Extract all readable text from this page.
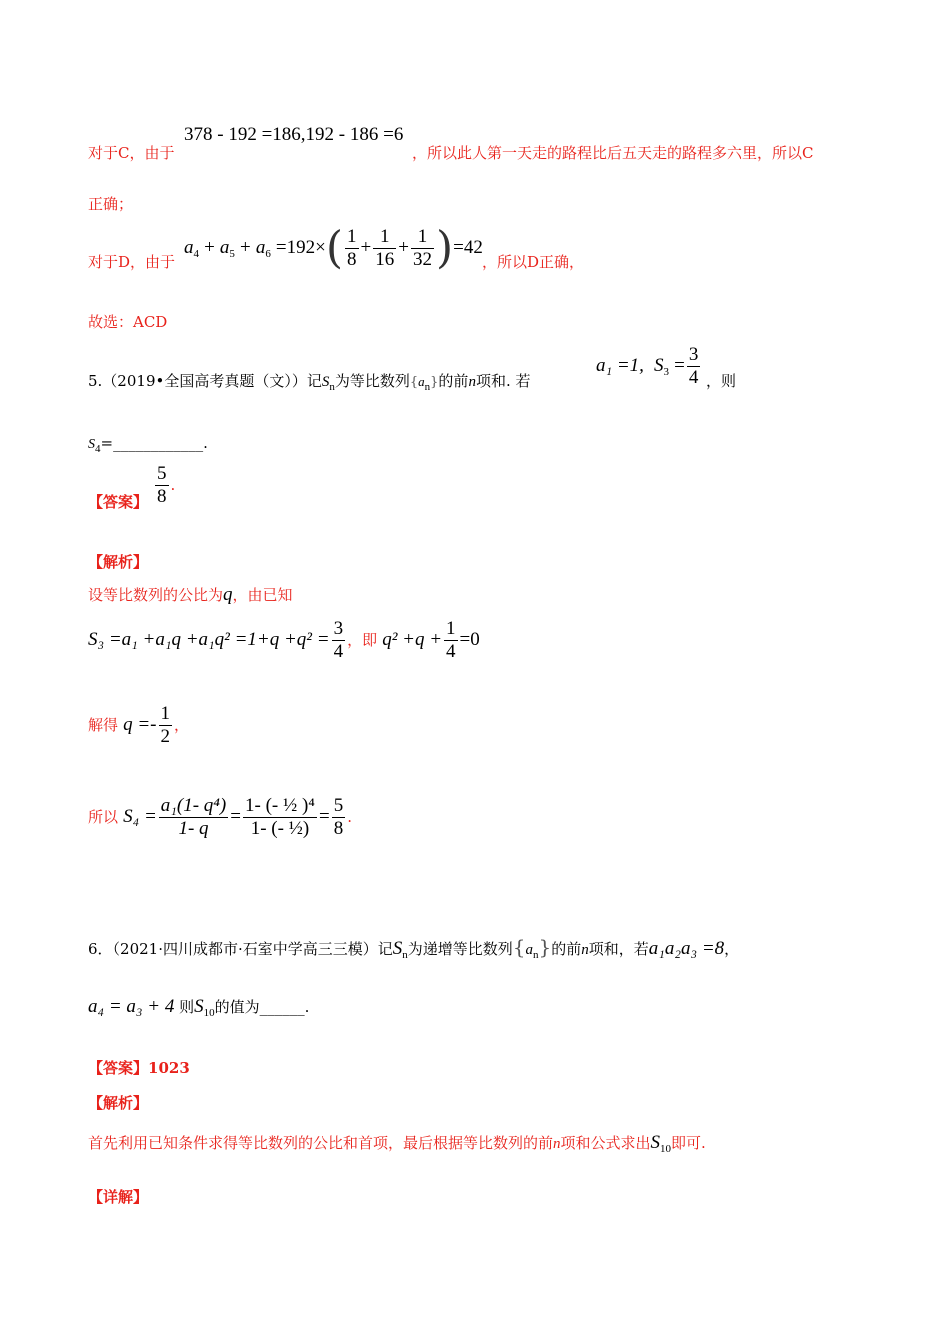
对于C，由于
378 - 192 =186,192 - 186 =6
，所以此人第一天走的路程比后五天走的路程多六里，所以C
正确；
对于D，由于
$a_4 + a_5 + a_6 =192\times( \frac{1}{8} + \frac{1}{16} + \frac{1}{32} )=42$
，所以D正确，
故选：ACD
5.（2019•全国高考真题（文））记$S_n$为等比数列$\{a_n\}$的前n项和. 若
a₁ =1, $S_3 = \frac{3}{4}$ ，则
$S_4=\_\_\_\_\_\_\_\_\_\_\_\_$.
【答案】 $\frac{5}{8}$ .
【解析】
设等比数列的公比为q，由已知
$S_3 =a_1 +a_1q +a_1q^2 =1+q +q^2 = \frac{3}{4}$ ，即 $q^2 +q + \frac{1}{4} =0$
解得 $q =- \frac{1}{2}$ ，
所以 $S_4 = \frac{\text{a₁(1- q⁴)}}{1- q} = \frac{\text{1- (- ½ )⁴}}{\text{1- (- ½)}} = \frac{5}{8}$ .
6．（2021·四川成都市·石室中学高三三模）记$S_n$为递增等比数列$\{a_n\}$的前n项和，若a₁a₂a₃ =8，
a₄ = a₃ + 4 则$S_{10}$的值为______.
【答案】1023
【解析】
首先利用已知条件求得等比数列的公比和首项，最后根据等比数列的前n项和公式求出$S_{10}$即可.
【详解】
